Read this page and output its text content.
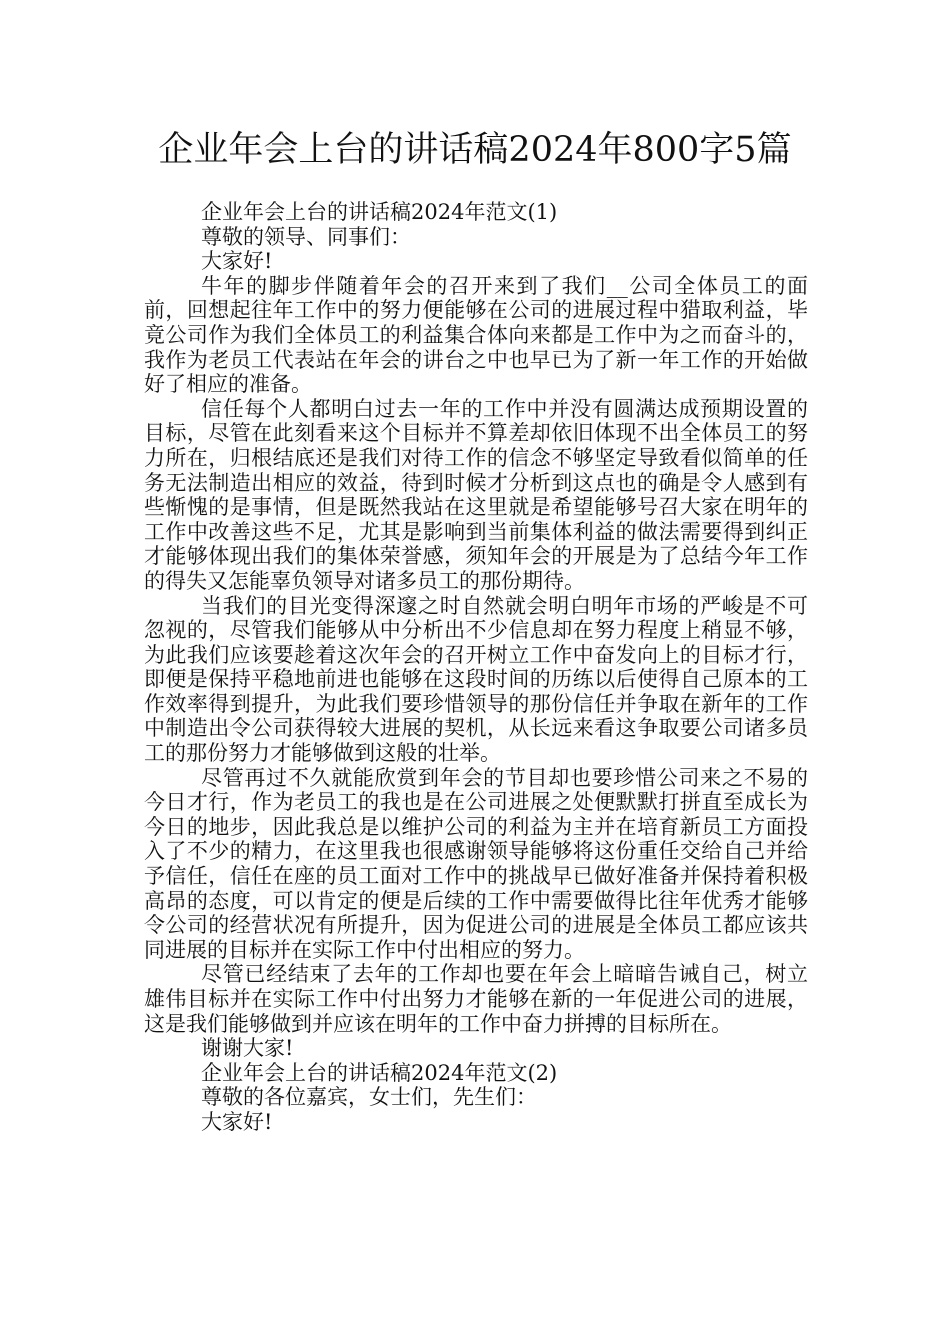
企业年会上台的讲话稿2024年800字5篇

企业年会上台的讲话稿2024年范文(1)

尊敬的领导、同事们：

大家好!

牛年的脚步伴随着年会的召开来到了我们__公司全体员工的面前，回想起往年工作中的努力便能够在公司的进展过程中猎取利益，毕竟公司作为我们全体员工的利益集合体向来都是工作中为之而奋斗的，我作为老员工代表站在年会的讲台之中也早已为了新一年工作的开始做好了相应的准备。

信任每个人都明白过去一年的工作中并没有圆满达成预期设置的目标，尽管在此刻看来这个目标并不算差却依旧体现不出全体员工的努力所在，归根结底还是我们对待工作的信念不够坚定导致看似简单的任务无法制造出相应的效益，待到时候才分析到这点也的确是令人感到有些惭愧的是事情，但是既然我站在这里就是希望能够号召大家在明年的工作中改善这些不足，尤其是影响到当前集体利益的做法需要得到纠正才能够体现出我们的集体荣誉感，须知年会的开展是为了总结今年工作的得失又怎能辜负领导对诸多员工的那份期待。

当我们的目光变得深邃之时自然就会明白明年市场的严峻是不可忽视的，尽管我们能够从中分析出不少信息却在努力程度上稍显不够，为此我们应该要趁着这次年会的召开树立工作中奋发向上的目标才行，即便是保持平稳地前进也能够在这段时间的历练以后使得自己原本的工作效率得到提升，为此我们要珍惜领导的那份信任并争取在新年的工作中制造出令公司获得较大进展的契机，从长远来看这争取要公司诸多员工的那份努力才能够做到这般的壮举。

尽管再过不久就能欣赏到年会的节目却也要珍惜公司来之不易的今日才行，作为老员工的我也是在公司进展之处便默默打拼直至成长为今日的地步，因此我总是以维护公司的利益为主并在培育新员工方面投入了不少的精力，在这里我也很感谢领导能够将这份重任交给自己并给予信任，信任在座的员工面对工作中的挑战早已做好准备并保持着积极高昂的态度，可以肯定的便是后续的工作中需要做得比往年优秀才能够令公司的经营状况有所提升，因为促进公司的进展是全体员工都应该共同进展的目标并在实际工作中付出相应的努力。

尽管已经结束了去年的工作却也要在年会上暗暗告诫自己，树立雄伟目标并在实际工作中付出努力才能够在新的一年促进公司的进展，这是我们能够做到并应该在明年的工作中奋力拼搏的目标所在。

谢谢大家!

企业年会上台的讲话稿2024年范文(2)

尊敬的各位嘉宾，女士们，先生们：

大家好!
